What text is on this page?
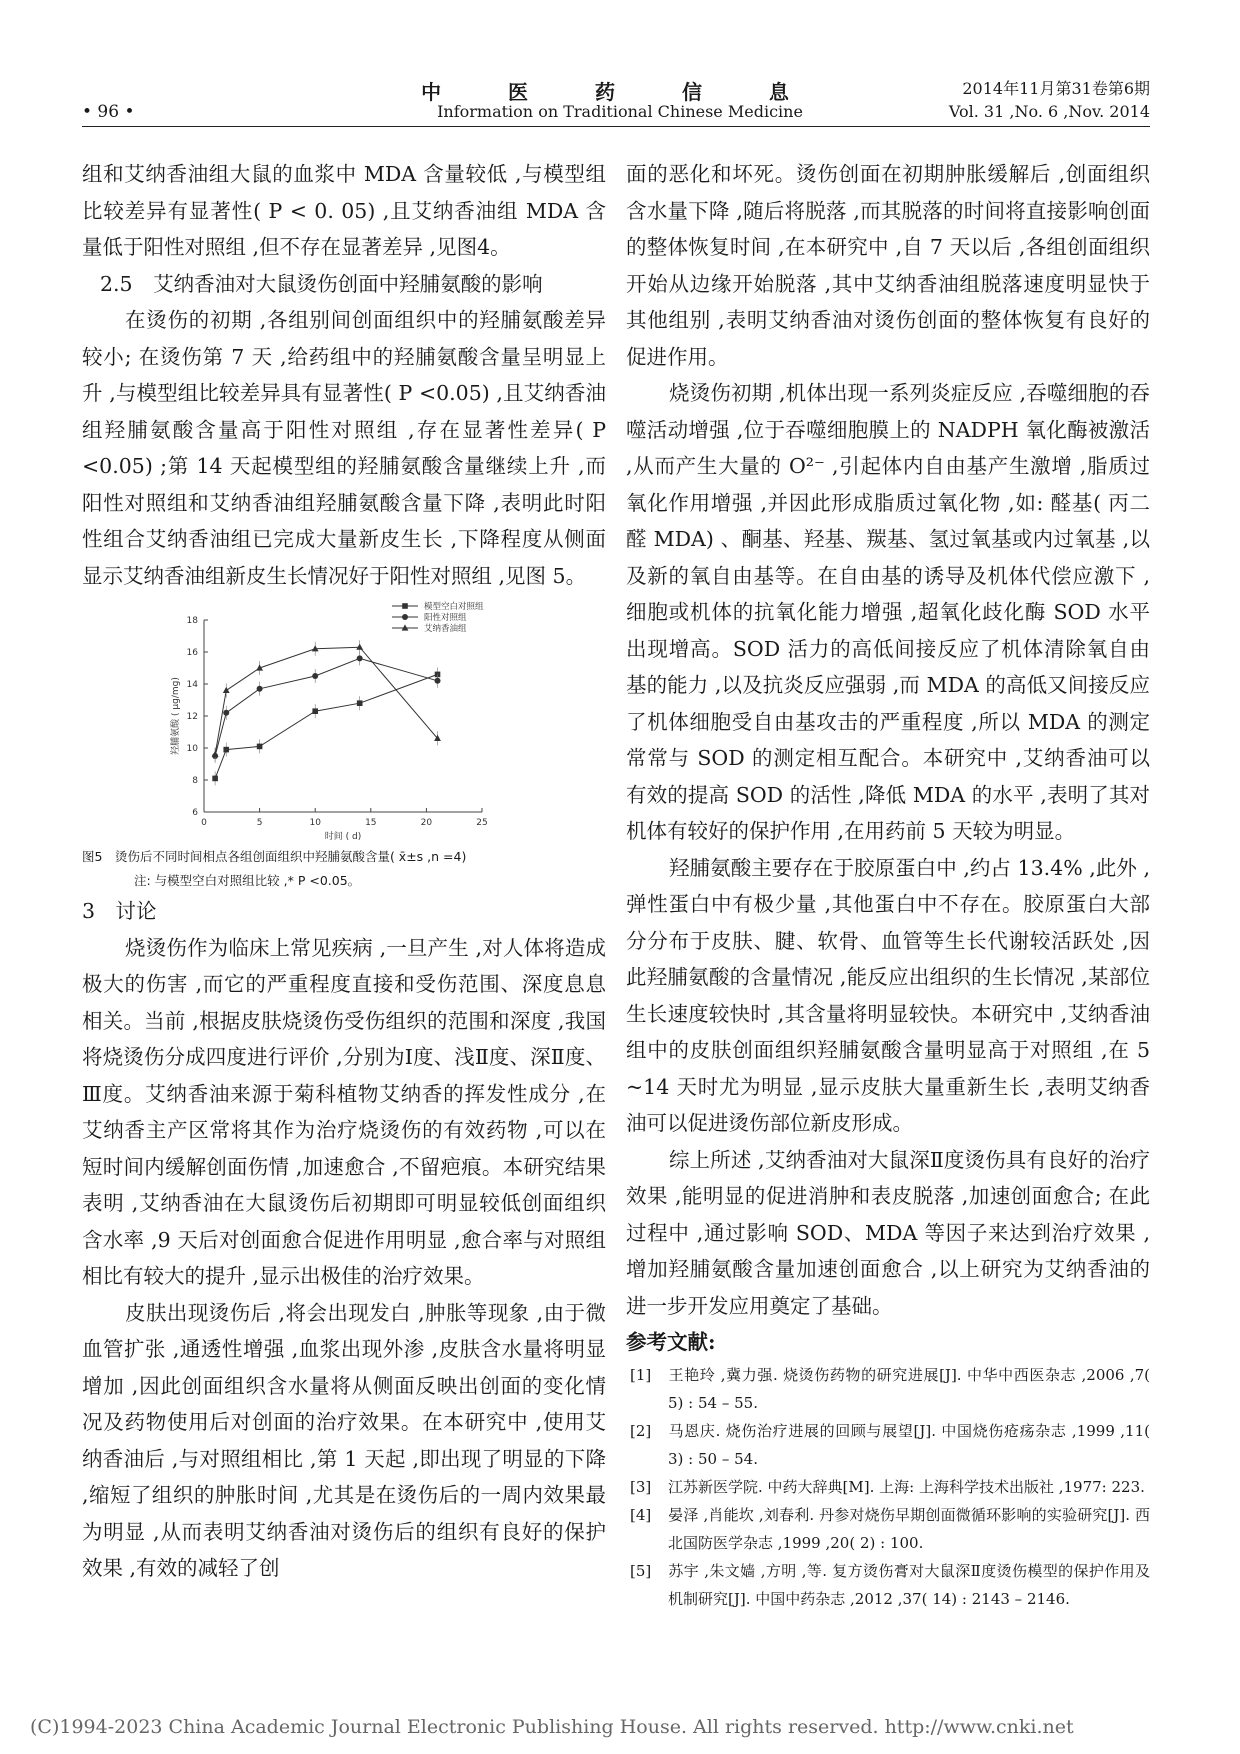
中 医 药 信 息
Information on Traditional Chinese Medicine
• 96 •
2014年11月第31卷第6期
Vol. 31 ,No. 6 ,Nov. 2014

组和艾纳香油组大鼠的血浆中 MDA 含量较低 ,与模型组比较差异有显著性( P < 0. 05) ,且艾纳香油组 MDA 含量低于阳性对照组 ,但不存在显著差异 ,见图4。

2.5　艾纳香油对大鼠烫伤创面中羟脯氨酸的影响

在烫伤的初期 ,各组别间创面组织中的羟脯氨酸差异较小; 在烫伤第 7 天 ,给药组中的羟脯氨酸含量呈明显上升 ,与模型组比较差异具有显著性( P <0.05) ,且艾纳香油组羟脯氨酸含量高于阳性对照组 ,存在显著性差异( P <0.05) ;第 14 天起模型组的羟脯氨酸含量继续上升 ,而阳性对照组和艾纳香油组羟脯氨酸含量下降 ,表明此时阳性组合艾纳香油组已完成大量新皮生长 ,下降程度从侧面显示艾纳香油组新皮生长情况好于阳性对照组 ,见图 5。

0	5	10	15	20	25
6
8
10
12
14
16
18
时间 ( d)
羟脯氨酸 ( μg/mg)
模型空白对照组
阳性对照组
艾纳香油组

图5　烫伤后不同时间相点各组创面组织中羟脯氨酸含量( x̄±s ,n =4)

注: 与模型空白对照组比较 ,* P <0.05。

3　讨论

烧烫伤作为临床上常见疾病 ,一旦产生 ,对人体将造成极大的伤害 ,而它的严重程度直接和受伤范围、深度息息相关。当前 ,根据皮肤烧烫伤受伤组织的范围和深度 ,我国将烧烫伤分成四度进行评价 ,分别为Ⅰ度、浅Ⅱ度、深Ⅱ度、Ⅲ度。艾纳香油来源于菊科植物艾纳香的挥发性成分 ,在艾纳香主产区常将其作为治疗烧烫伤的有效药物 ,可以在短时间内缓解创面伤情 ,加速愈合 ,不留疤痕。本研究结果表明 ,艾纳香油在大鼠烫伤后初期即可明显较低创面组织含水率 ,9 天后对创面愈合促进作用明显 ,愈合率与对照组相比有较大的提升 ,显示出极佳的治疗效果。

皮肤出现烫伤后 ,将会出现发白 ,肿胀等现象 ,由于微血管扩张 ,通透性增强 ,血浆出现外渗 ,皮肤含水量将明显增加 ,因此创面组织含水量将从侧面反映出创面的变化情况及药物使用后对创面的治疗效果。在本研究中 ,使用艾纳香油后 ,与对照组相比 ,第 1 天起 ,即出现了明显的下降 ,缩短了组织的肿胀时间 ,尤其是在烫伤后的一周内效果最为明显 ,从而表明艾纳香油对烫伤后的组织有良好的保护效果 ,有效的减轻了创

面的恶化和坏死。烫伤创面在初期肿胀缓解后 ,创面组织含水量下降 ,随后将脱落 ,而其脱落的时间将直接影响创面的整体恢复时间 ,在本研究中 ,自 7 天以后 ,各组创面组织开始从边缘开始脱落 ,其中艾纳香油组脱落速度明显快于其他组别 ,表明艾纳香油对烫伤创面的整体恢复有良好的促进作用。

烧烫伤初期 ,机体出现一系列炎症反应 ,吞噬细胞的吞噬活动增强 ,位于吞噬细胞膜上的 NADPH 氧化酶被激活 ,从而产生大量的 O²⁻ ,引起体内自由基产生激增 ,脂质过氧化作用增强 ,并因此形成脂质过氧化物 ,如: 醛基( 丙二醛 MDA) 、酮基、羟基、羰基、氢过氧基或内过氧基 ,以及新的氧自由基等。在自由基的诱导及机体代偿应激下 ,细胞或机体的抗氧化能力增强 ,超氧化歧化酶 SOD 水平出现增高。SOD 活力的高低间接反应了机体清除氧自由基的能力 ,以及抗炎反应强弱 ,而 MDA 的高低又间接反应了机体细胞受自由基攻击的严重程度 ,所以 MDA 的测定常常与 SOD 的测定相互配合。本研究中 ,艾纳香油可以有效的提高 SOD 的活性 ,降低 MDA 的水平 ,表明了其对机体有较好的保护作用 ,在用药前 5 天较为明显。

羟脯氨酸主要存在于胶原蛋白中 ,约占 13.4% ,此外 ,弹性蛋白中有极少量 ,其他蛋白中不存在。胶原蛋白大部分分布于皮肤、腱、软骨、血管等生长代谢较活跃处 ,因此羟脯氨酸的含量情况 ,能反应出组织的生长情况 ,某部位生长速度较快时 ,其含量将明显较快。本研究中 ,艾纳香油组中的皮肤创面组织羟脯氨酸含量明显高于对照组 ,在 5 ~14 天时尤为明显 ,显示皮肤大量重新生长 ,表明艾纳香油可以促进烫伤部位新皮形成。

综上所述 ,艾纳香油对大鼠深Ⅱ度烫伤具有良好的治疗效果 ,能明显的促进消肿和表皮脱落 ,加速创面愈合; 在此过程中 ,通过影响 SOD、MDA 等因子来达到治疗效果 ,增加羟脯氨酸含量加速创面愈合 ,以上研究为艾纳香油的进一步开发应用奠定了基础。

参考文献:

[1] 王艳玲 ,冀力强. 烧烫伤药物的研究进展[J]. 中华中西医杂志 ,2006 ,7( 5) : 54 – 55.

[2] 马恩庆. 烧伤治疗进展的回顾与展望[J]. 中国烧伤疮疡杂志 ,1999 ,11( 3) : 50 – 54.

[3] 江苏新医学院. 中药大辞典[M]. 上海: 上海科学技术出版社 ,1977: 223.

[4] 晏泽 ,肖能坎 ,刘春利. 丹参对烧伤早期创面微循环影响的实验研究[J]. 西北国防医学杂志 ,1999 ,20( 2) : 100.

[5] 苏宇 ,朱文嫱 ,方明 ,等. 复方烫伤膏对大鼠深Ⅱ度烫伤模型的保护作用及机制研究[J]. 中国中药杂志 ,2012 ,37( 14) : 2143 – 2146.

(C)1994-2023 China Academic Journal Electronic Publishing House. All rights reserved. http://www.cnki.net
